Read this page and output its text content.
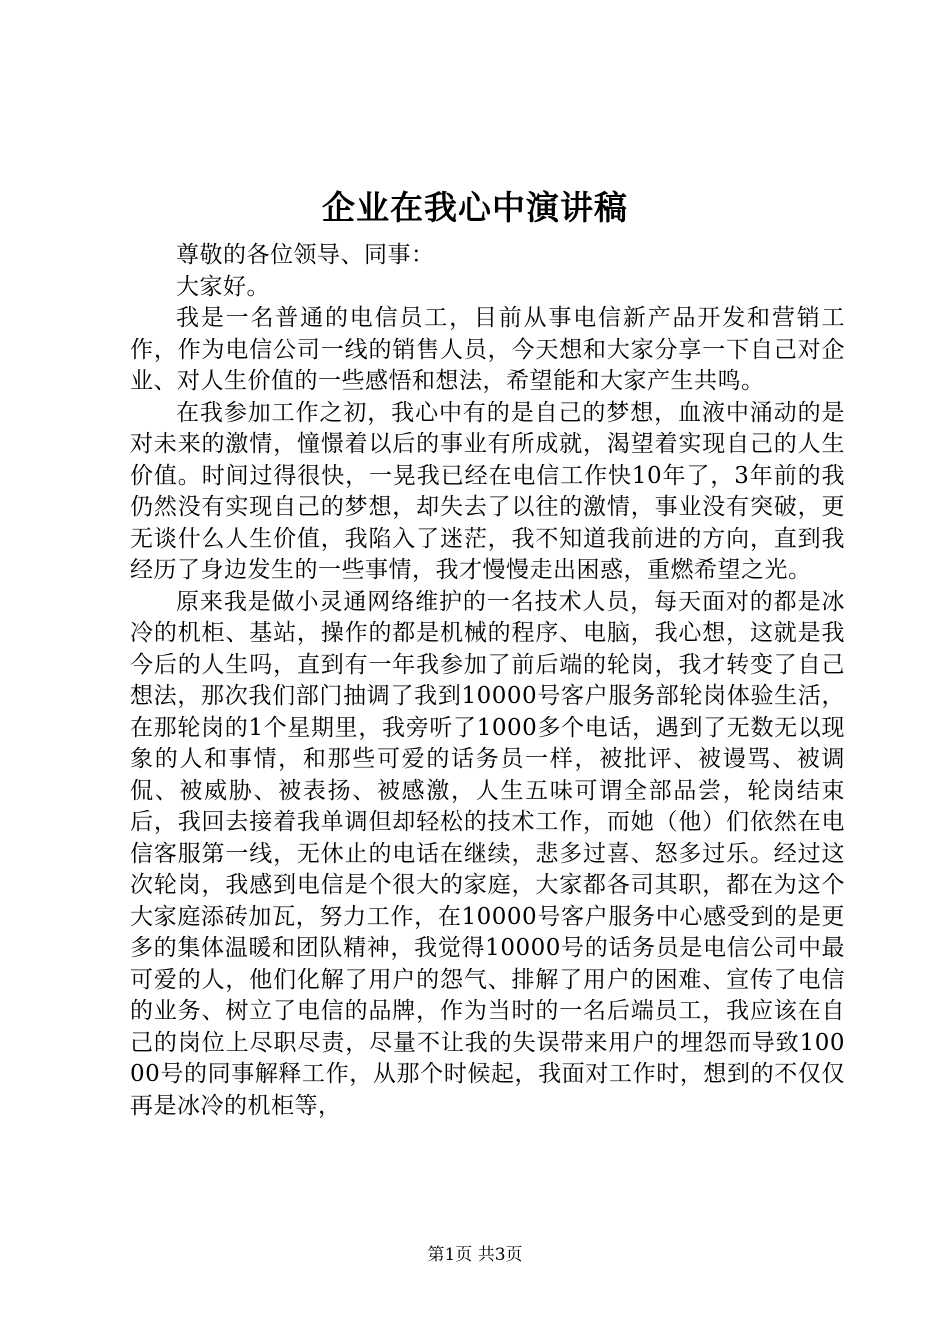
企业在我心中演讲稿

尊敬的各位领导、同事：

大家好。

我是一名普通的电信员工，目前从事电信新产品开发和营销工作，作为电信公司一线的销售人员，今天想和大家分享一下自己对企业、对人生价值的一些感悟和想法，希望能和大家产生共鸣。

在我参加工作之初，我心中有的是自己的梦想，血液中涌动的是对未来的激情，憧憬着以后的事业有所成就，渴望着实现自己的人生价值。时间过得很快，一晃我已经在电信工作快10年了，3年前的我仍然没有实现自己的梦想，却失去了以往的激情，事业没有突破，更无谈什么人生价值，我陷入了迷茫，我不知道我前进的方向，直到我经历了身边发生的一些事情，我才慢慢走出困惑，重燃希望之光。

原来我是做小灵通网络维护的一名技术人员，每天面对的都是冰冷的机柜、基站，操作的都是机械的程序、电脑，我心想，这就是我今后的人生吗，直到有一年我参加了前后端的轮岗，我才转变了自己想法，那次我们部门抽调了我到10000号客户服务部轮岗体验生活，在那轮岗的1个星期里，我旁听了1000多个电话，遇到了无数无以现象的人和事情，和那些可爱的话务员一样，被批评、被谩骂、被调侃、被威胁、被表扬、被感激，人生五味可谓全部品尝，轮岗结束后，我回去接着我单调但却轻松的技术工作，而她（他）们依然在电信客服第一线，无休止的电话在继续，悲多过喜、怒多过乐。经过这次轮岗，我感到电信是个很大的家庭，大家都各司其职，都在为这个大家庭添砖加瓦，努力工作，在10000号客户服务中心感受到的是更多的集体温暖和团队精神，我觉得10000号的话务员是电信公司中最可爱的人，他们化解了用户的怨气、排解了用户的困难、宣传了电信的业务、树立了电信的品牌，作为当时的一名后端员工，我应该在自己的岗位上尽职尽责，尽量不让我的失误带来用户的埋怨而导致10000号的同事解释工作，从那个时候起，我面对工作时，想到的不仅仅再是冰冷的机柜等，

第1页 共3页
